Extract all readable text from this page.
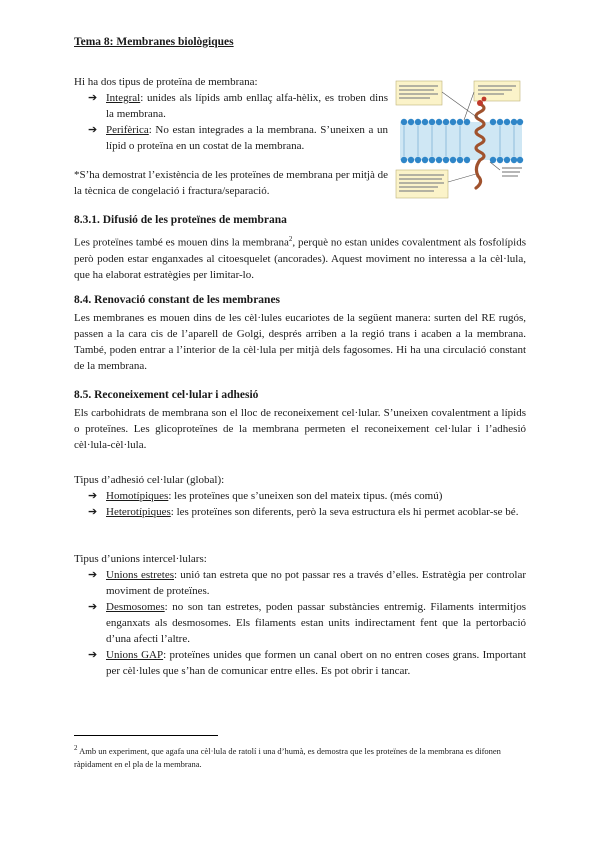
Tema 8: Membranes biològiques
Hi ha dos tipus de proteïna de membrana:
➔ Integral: unides als lípids amb enllaç alfa-hèlix, es troben dins la membrana.
➔ Perifèrica: No estan integrades a la membrana. S’uneixen a un lípid o proteïna en un costat de la membrana.
*S’ha demostrat l’existència de les proteïnes de membrana per mitjà de la tècnica de congelació i fractura/separació.
8.3.1. Difusió de les proteïnes de membrana
Les proteïnes també es mouen dins la membrana$^2$, perquè no estan unides covalentment als fosfolípids però poden estar enganxades al citoesquelet (ancorades). Aquest moviment no interessa a la cèl·lula, que ha elaborat estratègies per limitar-lo.
8.4. Renovació constant de les membranes
Les membranes es mouen dins de les cèl·lules eucariotes de la següent manera: surten del RE rugós, passen a la cara cis de l’aparell de Golgi, després arriben a la regió trans i acaben a la membrana. També, poden entrar a l’interior de la cèl·lula per mitjà dels fagosomes. Hi ha una circulació constant de la membrana.
8.5. Reconeixement cel·lular i adhesió
Els carbohidrats de membrana son el lloc de reconeixement cel·lular. S’uneixen covalentment a lípids o proteïnes. Les glicoproteïnes de la membrana permeten el reconeixement cel·lular i l’adhesió cèl·lula-cèl·lula.
Tipus d’adhesió cel·lular (global):
➔ Homotípiques: les proteïnes que s’uneixen son del mateix tipus. (més comú)
➔ Heterotípiques: les proteïnes son diferents, però la seva estructura els hi permet acoblar-se bé.
Tipus d’unions intercel·lulars:
➔ Unions estretes: unió tan estreta que no pot passar res a través d’elles. Estratègia per controlar moviment de proteïnes.
➔ Desmosomes: no son tan estretes, poden passar substàncies entremig. Filaments intermitjos enganxats als desmosomes. Els filaments estan units indirectament fent que la pertorbació d’una afecti l’altre.
➔ Unions GAP: proteïnes unides que formen un canal obert on no entren coses grans. Important per cèl·lules que s’han de comunicar entre elles. Es pot obrir i tancar.
$^2$ Amb un experiment, que agafa una cèl·lula de ratolí i una d’humà, es demostra que les proteïnes de la membrana es difonen ràpidament en el pla de la membrana.
